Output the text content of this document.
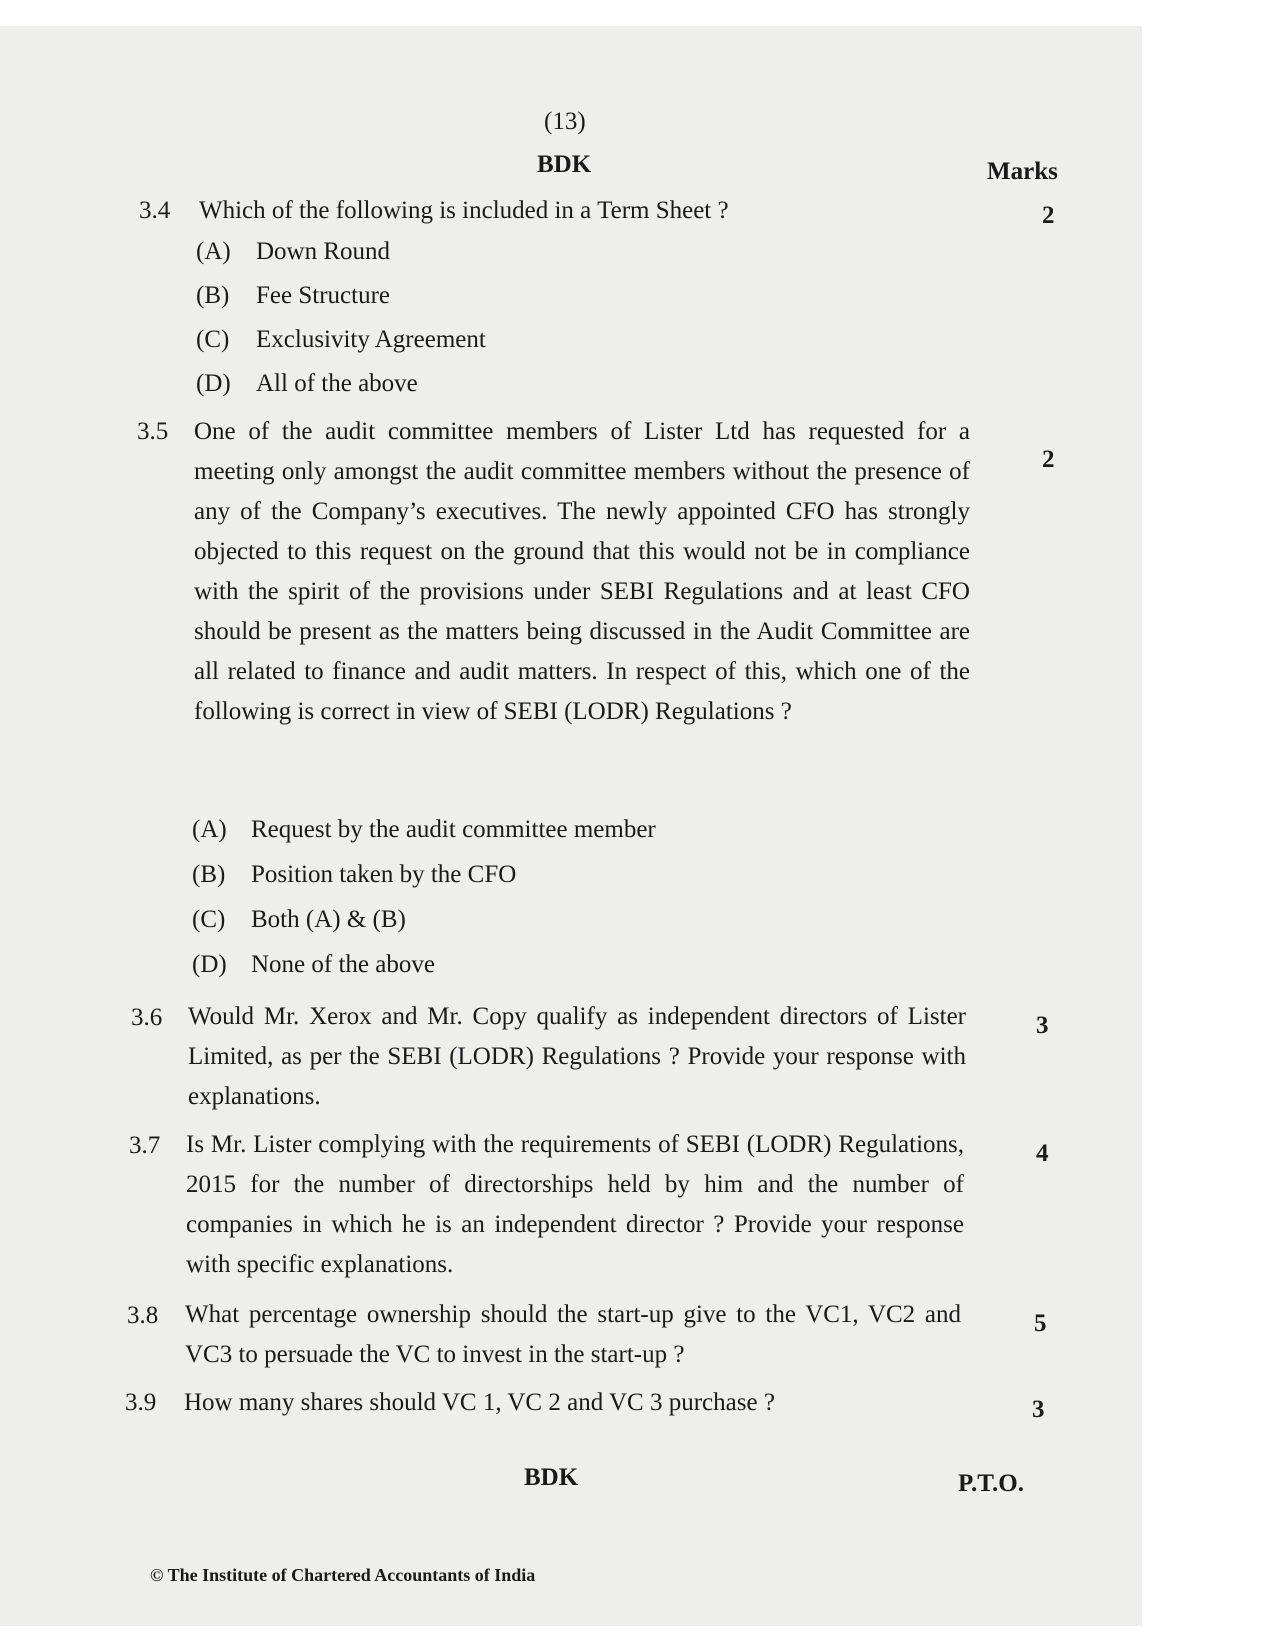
(13)
BDK	Marks
3.4 Which of the following is included in a Term Sheet ?	2
(A) Down Round
(B) Fee Structure
(C) Exclusivity Agreement
(D) All of the above
3.5 One of the audit committee members of Lister Ltd has requested for a meeting only amongst the audit committee members without the presence of any of the Company’s executives. The newly appointed CFO has strongly objected to this request on the ground that this would not be in compliance with the spirit of the provisions under SEBI Regulations and at least CFO should be present as the matters being discussed in the Audit Committee are all related to finance and audit matters. In respect of this, which one of the following is correct in view of SEBI (LODR) Regulations ?
2
(A) Request by the audit committee member
(B) Position taken by the CFO
(C) Both (A) & (B)
(D) None of the above
3.6 Would Mr. Xerox and Mr. Copy qualify as independent directors of Lister Limited, as per the SEBI (LODR) Regulations ? Provide your response with explanations.
3
3.7 Is Mr. Lister complying with the requirements of SEBI (LODR) Regulations, 2015 for the number of directorships held by him and the number of companies in which he is an independent director ? Provide your response with specific explanations.
4
3.8 What percentage ownership should the start-up give to the VC1, VC2 and VC3 to persuade the VC to invest in the start-up ?
5
3.9 How many shares should VC 1, VC 2 and VC 3 purchase ?	3
BDK	P.T.O.
© The Institute of Chartered Accountants of India
